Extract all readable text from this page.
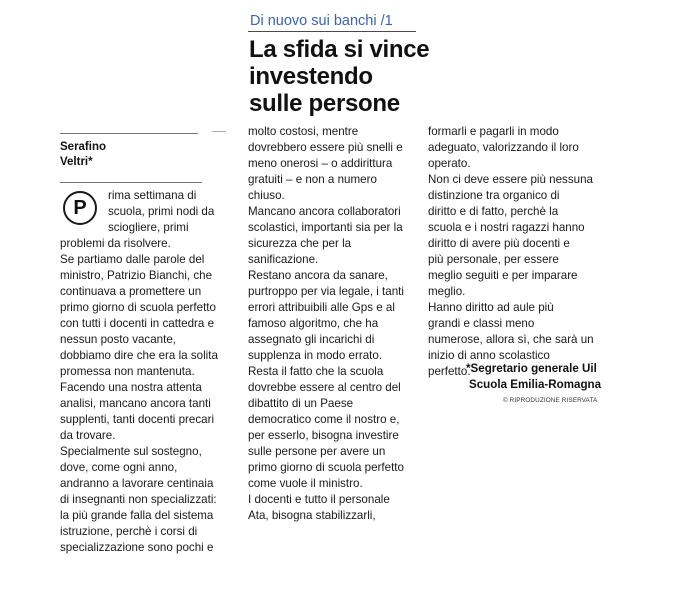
Di nuovo sui banchi /1
La sfida si vince
investendo
sulle persone
Serafino
Veltri*
P
rima settimana di
scuola, primi nodi da
sciogliere, primi
problemi da risolvere.
Se partiamo dalle parole del
ministro, Patrizio Bianchi, che
continuava a promettere un
primo giorno di scuola perfetto
con tutti i docenti in cattedra e
nessun posto vacante,
dobbiamo dire che era la solita
promessa non mantenuta.
Facendo una nostra attenta
analisi, mancano ancora tanti
supplenti, tanti docenti precari
da trovare.
Specialmente sul sostegno,
dove, come ogni anno,
andranno a lavorare centinaia
di insegnanti non specializzati:
la più grande falla del sistema
istruzione, perchè i corsi di
specializzazione sono pochi e
molto costosi, mentre
dovrebbero essere più snelli e
meno onerosi – o addirittura
gratuiti – e non a numero
chiuso.
Mancano ancora collaboratori
scolastici, importanti sia per la
sicurezza che per la
sanificazione.
Restano ancora da sanare,
purtroppo per via legale, i tanti
errori attribuibili alle Gps e al
famoso algoritmo, che ha
assegnato gli incarichi di
supplenza in modo errato.
Resta il fatto che la scuola
dovrebbe essere al centro del
dibattito di un Paese
democratico come il nostro e,
per esserlo, bisogna investire
sulle persone per avere un
primo giorno di scuola perfetto
come vuole il ministro.
I docenti e tutto il personale
Ata, bisogna stabilizzarli,
formarli e pagarli in modo
adeguato, valorizzando il loro
operato.
Non ci deve essere più nessuna
distinzione tra organico di
diritto e di fatto, perchè la
scuola e i nostri ragazzi hanno
diritto di avere più docenti e
più personale, per essere
meglio seguiti e per imparare
meglio.
Hanno diritto ad aule più
grandi e classi meno
numerose, allora sì, che sarà un
inizio di anno scolastico
perfetto.
*Segretario generale Uil
Scuola Emilia-Romagna
© RIPRODUZIONE RISERVATA
